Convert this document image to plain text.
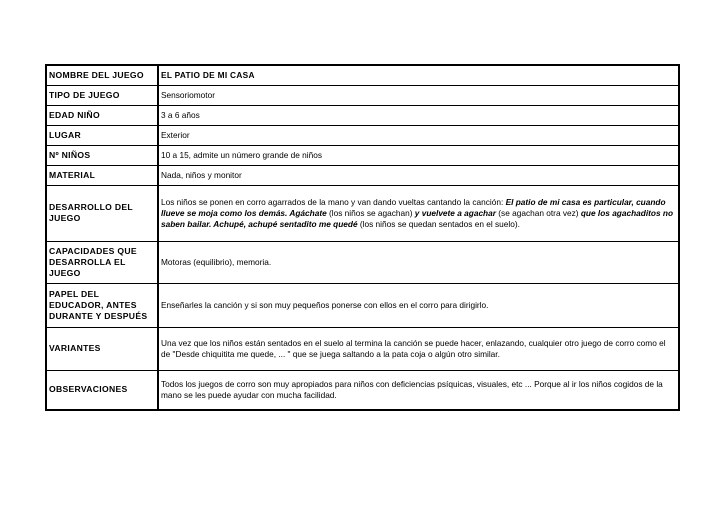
NOMBRE DEL JUEGO	EL PATIO DE MI CASA
TIPO DE JUEGO	Sensoriomotor
EDAD NIÑO	3 a 6 años
LUGAR	Exterior
Nº NIÑOS	10 a 15, admite un número grande de niños
MATERIAL	Nada, niños y monitor
DESARROLLO DEL JUEGO	Los niños se ponen en corro agarrados de la mano y van dando vueltas cantando la canción: El patio de mi casa es particular, cuando llueve se moja como los demás. Agáchate (los niños se agachan) y vuelvete a agachar (se agachan otra vez) que los agachaditos no saben bailar. Achupé, achupé sentadito me quedé (los niños se quedan sentados en el suelo).
CAPACIDADES QUE DESARROLLA EL JUEGO	Motoras (equilibrio), memoria.
PAPEL DEL EDUCADOR, ANTES DURANTE Y DESPUÉS	Enseñarles la canción y si son muy pequeños ponerse con ellos en el corro para dirigirlo.
VARIANTES	Una vez que los niños están sentados en el suelo al termina la canción se puede hacer, enlazando, cualquier otro juego de corro como el de "Desde chiquitita me quede, ... " que se juega saltando a la pata coja o algún otro similar.
OBSERVACIONES	Todos los juegos de corro son muy apropiados para niños con deficiencias psíquicas, visuales, etc ... Porque al ir los niños cogidos de la mano se les puede ayudar con mucha facilidad.
